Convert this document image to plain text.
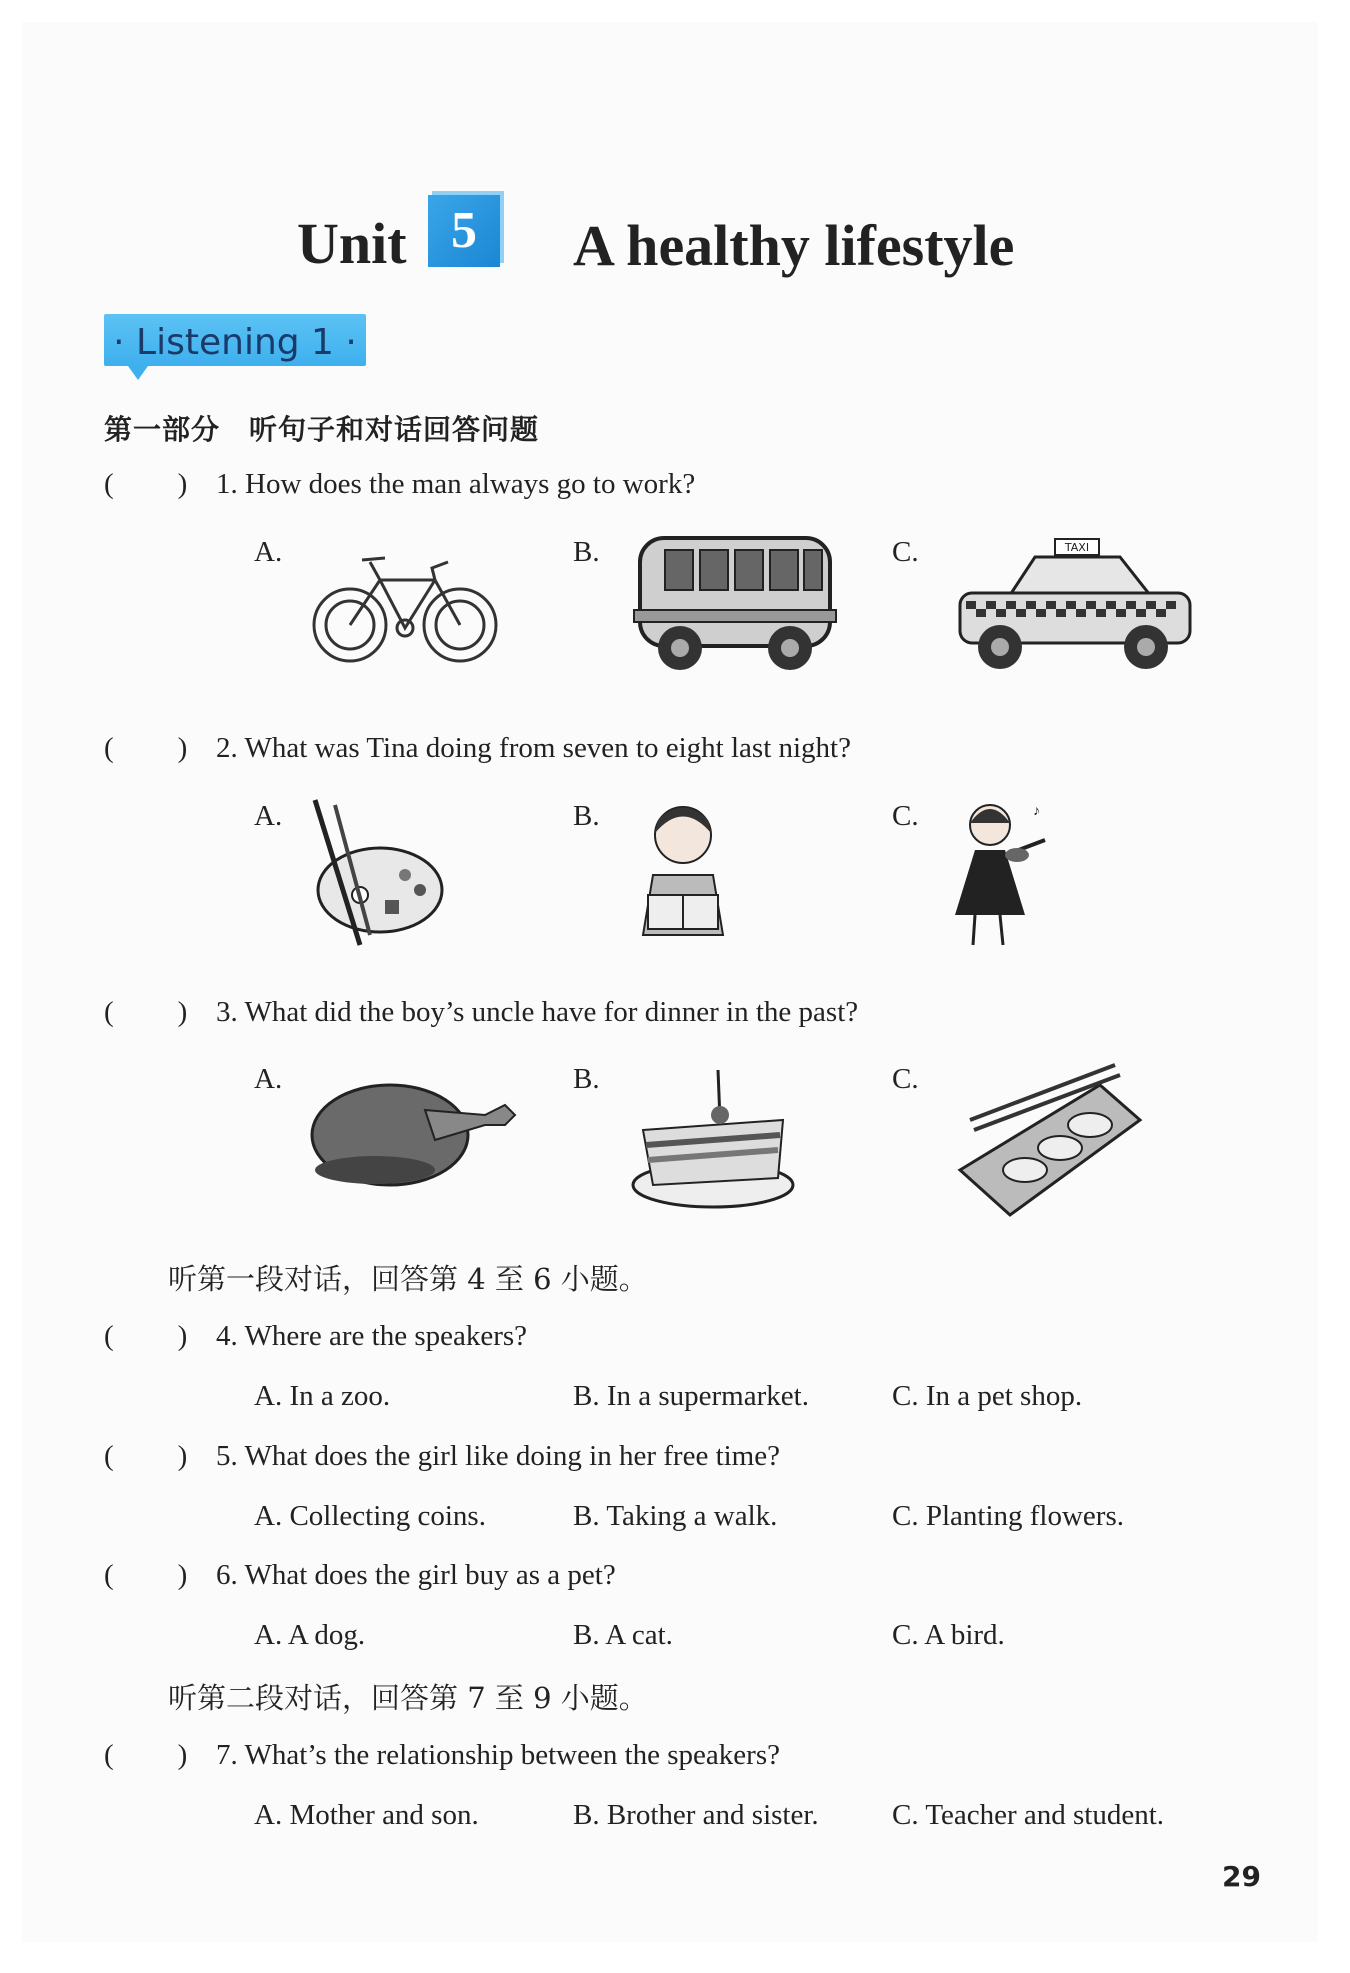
Unit 5	A healthy lifestyle
· Listening 1 ·
第一部分　听句子和对话回答问题
( ) 1. How does the man always go to work?
A.	B.	C.	TAXI
( ) 2. What was Tina doing from seven to eight last night?
A.	B.	C.	♪
( ) 3. What did the boy’s uncle have for dinner in the past?
A.	B.	C.
听第一段对话，回答第 4 至 6 小题。
( ) 4. Where are the speakers?
A. In a zoo.	B. In a supermarket.	C. In a pet shop.
( ) 5. What does the girl like doing in her free time?
A. Collecting coins.	B. Taking a walk.	C. Planting flowers.
( ) 6. What does the girl buy as a pet?
A. A dog.	B. A cat.	C. A bird.
听第二段对话，回答第 7 至 9 小题。
( ) 7. What’s the relationship between the speakers?
A. Mother and son.	B. Brother and sister.	C. Teacher and student.
29
